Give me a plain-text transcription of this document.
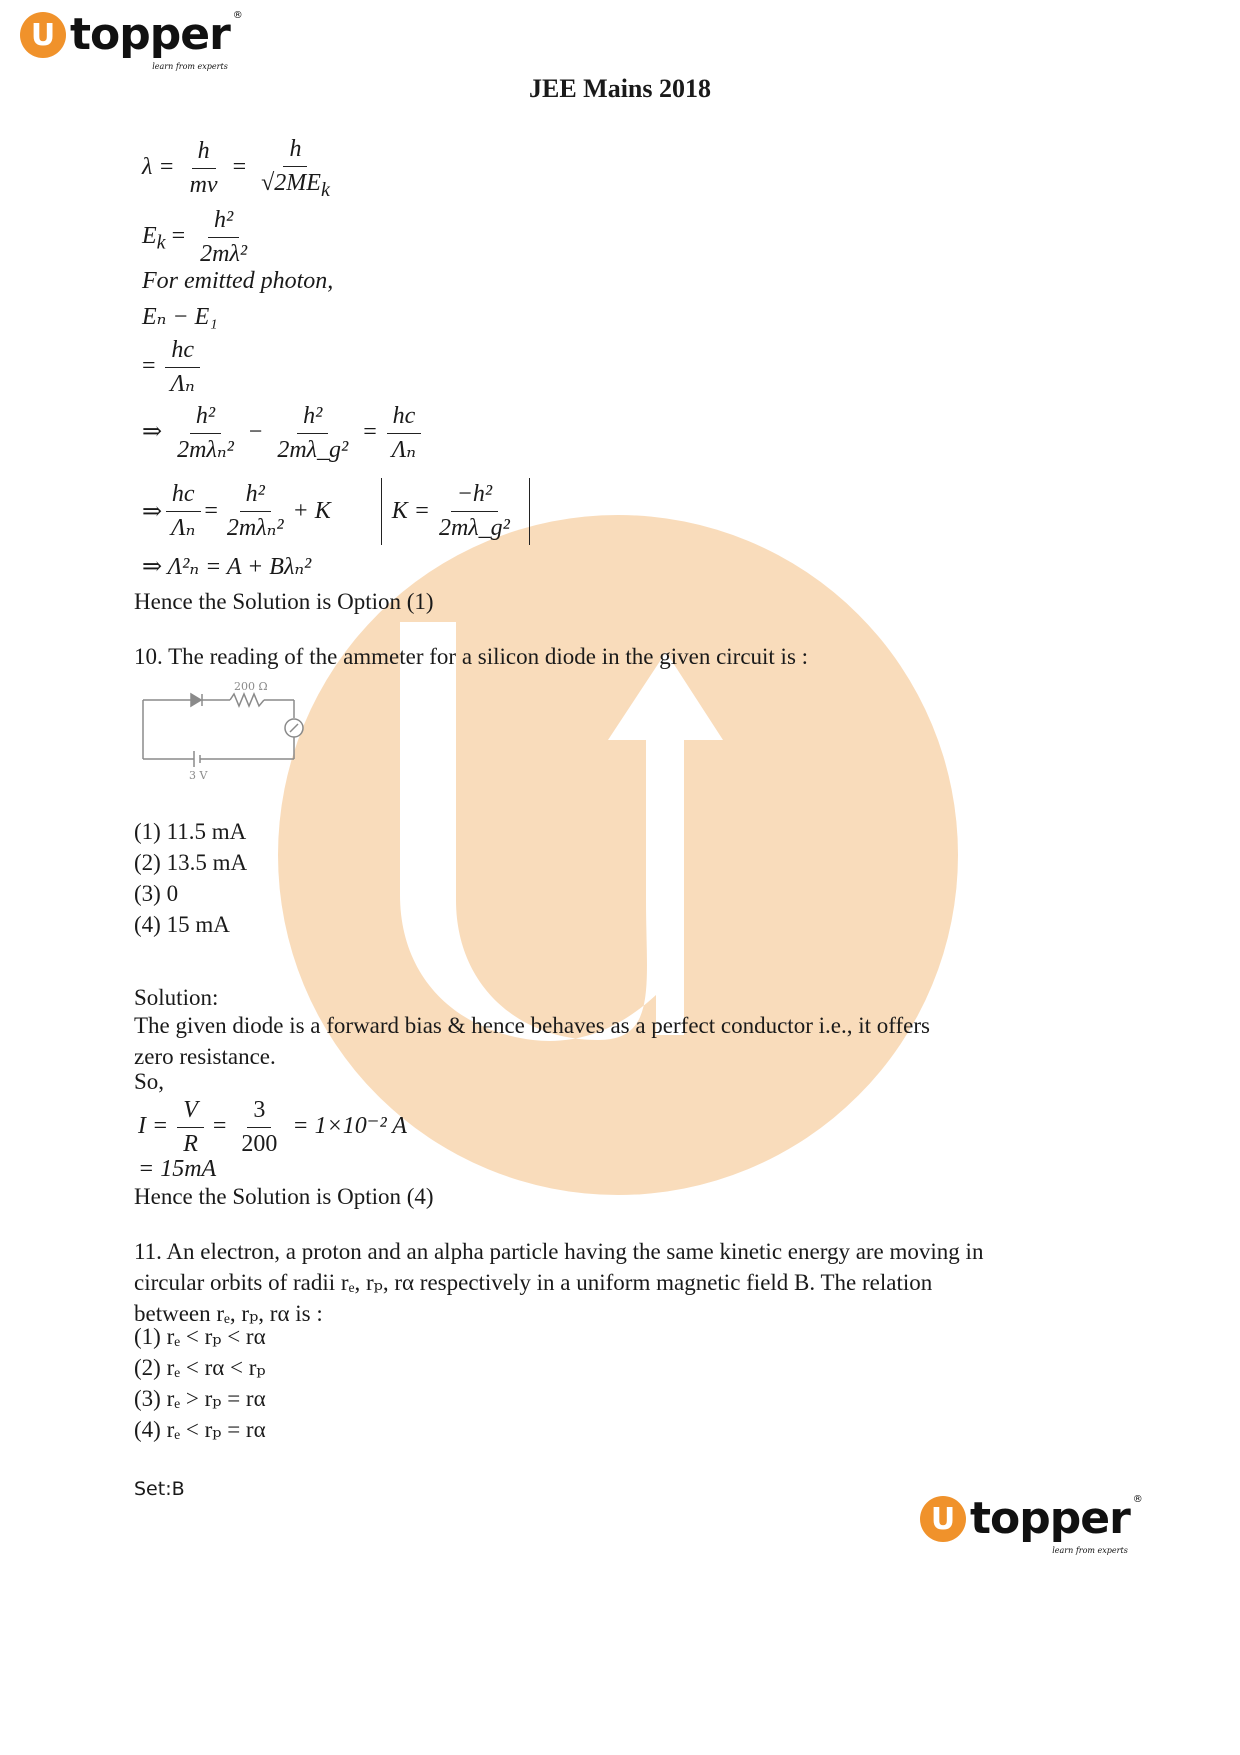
U topper ®
learn from experts
JEE Mains 2018
$\lambda = \frac{h}{mv} = \frac{h}{√2ME_k}$
$E_k = \frac{\text{h²}}{\text{2mλ²}}$
For emitted photon,
Eₙ − E₁
= $\frac{hc}{\text{Λₙ}}$
⇒ $\frac{\text{h²}}{\text{2mλₙ²}} - \frac{\text{h²}}{\text{2mλ\_g²}} = \frac{hc}{\text{Λₙ}}$
⇒ $\frac{hc}{\text{Λₙ}} = \frac{\text{h²}}{\text{2mλₙ²}} + K$	$K = \frac{\text{−h²}}{\text{2mλ\_g²}}$
⇒ Λ²ₙ = A + Bλₙ²
Hence the Solution is Option (1)
10. The reading of the ammeter for a silicon diode in the given circuit is :
200 Ω
3 V
(1) 11.5 mA
(2) 13.5 mA
(3) 0
(4) 15 mA
Solution:
The given diode is a forward bias & hence behaves as a perfect conductor i.e., it offers zero resistance.
So,
$I = \frac{V}{R} = \frac{3}{200} = 1\times 10^{-2}$ A
= 15mA
Hence the Solution is Option (4)
11. An electron, a proton and an alpha particle having the same kinetic energy are moving in
circular orbits of radii rₑ, rₚ, rα respectively in a uniform magnetic field B. The relation
between rₑ, rₚ, rα is :
(1) rₑ < rₚ < rα
(2) rₑ < rα < rₚ
(3) rₑ > rₚ = rα
(4) rₑ < rₚ = rα
Set:B
U topper ®
learn from experts
